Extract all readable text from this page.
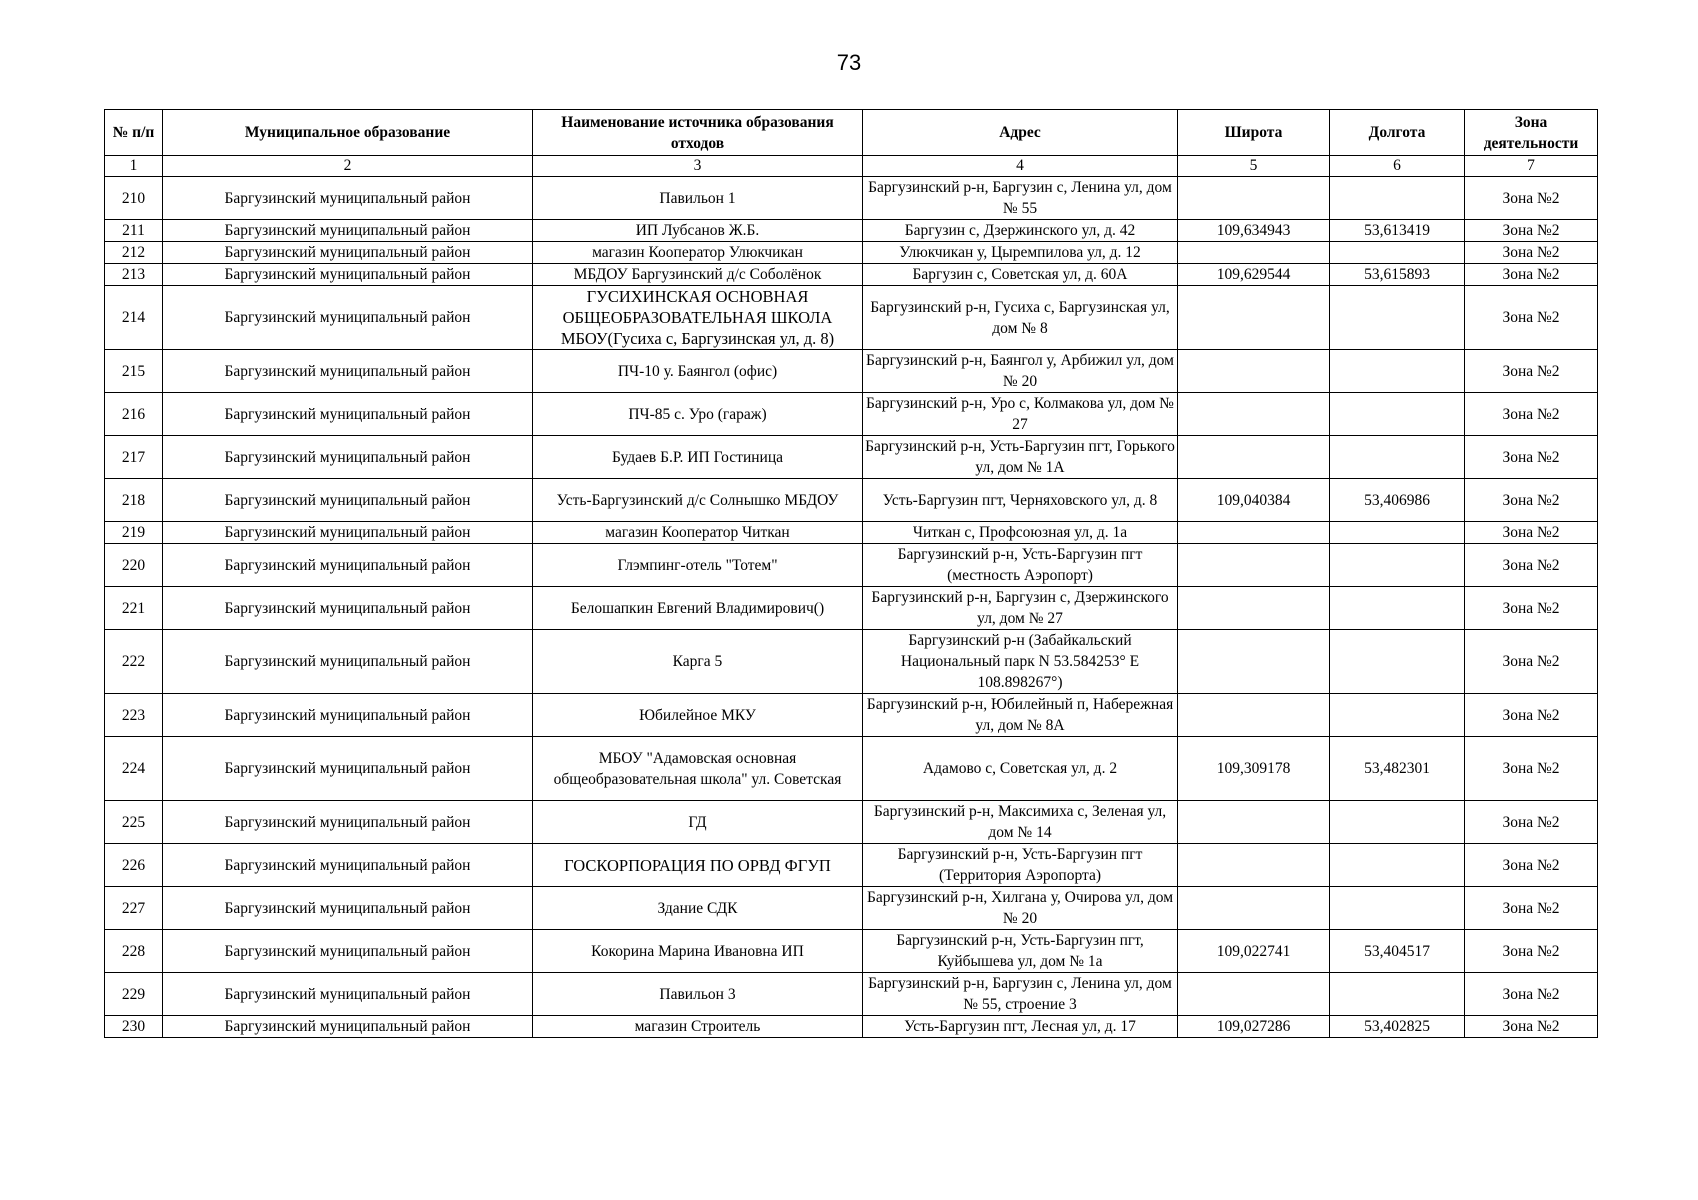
73
№ п/п	Муниципальное образование	Наименование источника образования отходов	Адрес	Широта	Долгота	Зона деятельности
1	2	3	4	5	6	7
210	Баргузинский муниципальный район	Павильон 1	Баргузинский р-н, Баргузин с, Ленина ул, дом № 55			Зона №2
211	Баргузинский муниципальный район	ИП Лубсанов Ж.Б.	Баргузин с, Дзержинского ул, д. 42	109,634943	53,613419	Зона №2
212	Баргузинский муниципальный район	магазин Кооператор Улюкчикан	Улюкчикан у, Цыремпилова ул, д. 12			Зона №2
213	Баргузинский муниципальный район	МБДОУ Баргузинский д/с Соболёнок	Баргузин с, Советская ул, д. 60А	109,629544	53,615893	Зона №2
214	Баргузинский муниципальный район	ГУСИХИНСКАЯ ОСНОВНАЯ ОБЩЕОБРАЗОВАТЕЛЬНАЯ ШКОЛА МБОУ(Гусиха с, Баргузинская ул, д. 8)	Баргузинский р-н, Гусиха с, Баргузинская ул, дом № 8			Зона №2
215	Баргузинский муниципальный район	ПЧ-10 у. Баянгол (офис)	Баргузинский р-н, Баянгол у, Арбижил ул, дом № 20			Зона №2
216	Баргузинский муниципальный район	ПЧ-85 с. Уро (гараж)	Баргузинский р-н, Уро с, Колмакова ул, дом № 27			Зона №2
217	Баргузинский муниципальный район	Будаев Б.Р. ИП Гостиница	Баргузинский р-н, Усть-Баргузин пгт, Горького ул, дом № 1А			Зона №2
218	Баргузинский муниципальный район	Усть-Баргузинский д/с Солнышко МБДОУ	Усть-Баргузин пгт, Черняховского ул, д. 8	109,040384	53,406986	Зона №2
219	Баргузинский муниципальный район	магазин Кооператор Читкан	Читкан с, Профсоюзная ул, д. 1а			Зона №2
220	Баргузинский муниципальный район	Глэмпинг-отель "Тотем"	Баргузинский р-н, Усть-Баргузин пгт (местность Аэропорт)			Зона №2
221	Баргузинский муниципальный район	Белошапкин Евгений Владимирович()	Баргузинский р-н, Баргузин с, Дзержинского ул, дом № 27			Зона №2
222	Баргузинский муниципальный район	Карга 5	Баргузинский р-н (Забайкальский Национальный парк N 53.584253° E 108.898267°)			Зона №2
223	Баргузинский муниципальный район	Юбилейное МКУ	Баргузинский р-н, Юбилейный п, Набережная ул, дом № 8А			Зона №2
224	Баргузинский муниципальный район	МБОУ "Адамовская основная общеобразовательная школа" ул. Советская	Адамово с, Советская ул, д. 2	109,309178	53,482301	Зона №2
225	Баргузинский муниципальный район	ГД	Баргузинский р-н, Максимиха с, Зеленая ул, дом № 14			Зона №2
226	Баргузинский муниципальный район	ГОСКОРПОРАЦИЯ ПО ОРВД ФГУП	Баргузинский р-н, Усть-Баргузин пгт (Территория Аэропорта)			Зона №2
227	Баргузинский муниципальный район	Здание СДК	Баргузинский р-н, Хилгана у, Очирова ул, дом № 20			Зона №2
228	Баргузинский муниципальный район	Кокорина Марина Ивановна ИП	Баргузинский р-н, Усть-Баргузин пгт, Куйбышева ул, дом № 1а	109,022741	53,404517	Зона №2
229	Баргузинский муниципальный район	Павильон 3	Баргузинский р-н, Баргузин с, Ленина ул, дом № 55, строение 3			Зона №2
230	Баргузинский муниципальный район	магазин Строитель	Усть-Баргузин пгт, Лесная ул, д. 17	109,027286	53,402825	Зона №2
